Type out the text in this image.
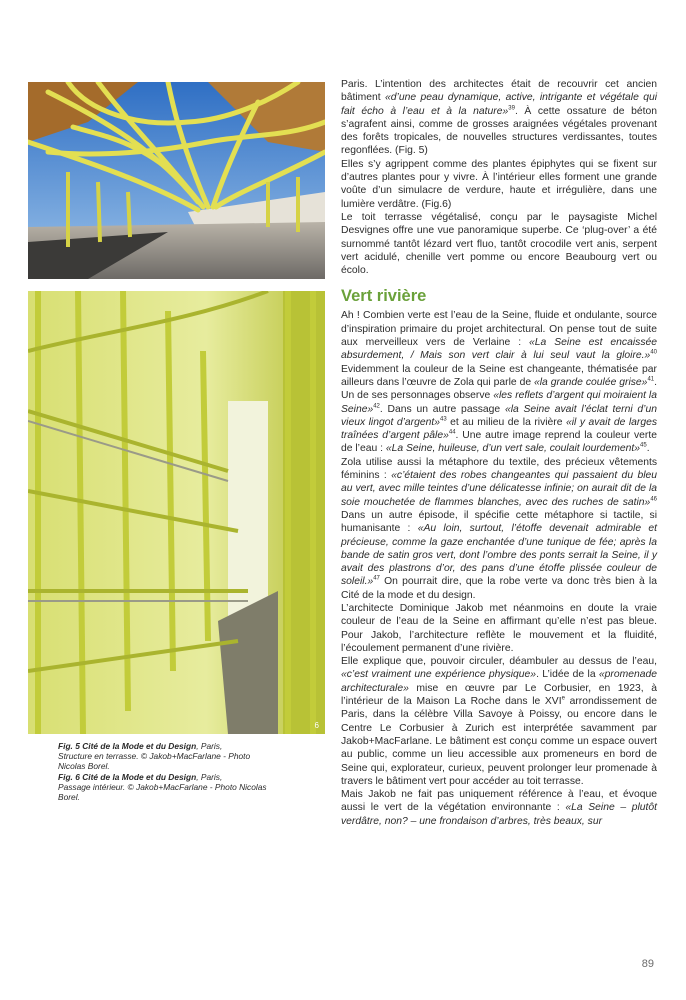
6

Fig. 5 Cité de la Mode et du Design, Paris,
Structure en terrasse. © Jakob+MacFarlane - Photo Nicolas Borel.

Fig. 6 Cité de la Mode et du Design, Paris,
Passage intérieur. © Jakob+MacFarlane - Photo Nicolas Borel.

Paris. L’intention des architectes était de recouvrir cet ancien bâtiment «d’une peau dynamique, active, intrigante et végétale qui fait écho à l’eau et à la nature»$^{39}$. À cette ossature de béton s’agrafent ainsi, comme de grosses araignées végétales provenant des forêts tropicales, de nouvelles structures verdissantes, toutes regonflées. (Fig. 5)

Elles s’y agrippent comme des plantes épiphytes qui se fixent sur d’autres plantes pour y vivre. À l’intérieur elles forment une grande voûte d’un simulacre de verdure, haute et irrégulière, dans une lumière verdâtre. (Fig.6)

Le toit terrasse végétalisé, conçu par le paysagiste Michel Desvignes offre une vue panoramique superbe. Ce ‘plug-over’ a été surnommé tantôt lézard vert fluo, tantôt crocodile vert anis, serpent vert acidulé, chenille vert pomme ou encore Beaubourg vert ou écolo.

Vert rivière

Ah ! Combien verte est l’eau de la Seine, fluide et ondulante, source d’inspiration primaire du projet architectural. On pense tout de suite aux merveilleux vers de Verlaine : «La Seine est encaissée absurdement, / Mais son vert clair à lui seul vaut la gloire.»$^{40}$ Evidemment la couleur de la Seine est changeante, thématisée par ailleurs dans l’œuvre de Zola qui parle de «la grande coulée grise»$^{41}$. Un de ses personnages observe «les reflets d’argent qui moiraient la Seine»$^{42}$. Dans un autre passage «la Seine avait l’éclat terni d’un vieux lingot d’argent»$^{43}$ et au milieu de la rivière «il y avait de larges traînées d’argent pâle»$^{44}$. Une autre image reprend la couleur verte de l’eau : «La Seine, huileuse, d’un vert sale, coulait lourdement»$^{45}$.

Zola utilise aussi la métaphore du textile, des précieux vêtements féminins : «c’étaient des robes changeantes qui passaient du bleu au vert, avec mille teintes d’une délicatesse infinie; on aurait dit de la soie mouchetée de flammes blanches, avec des ruches de satin»$^{46}$ Dans un autre épisode, il spécifie cette métaphore si tactile, si humanisante : «Au loin, surtout, l’étoffe devenait admirable et précieuse, comme la gaze enchantée d’une tunique de fée; après la bande de satin gros vert, dont l’ombre des ponts serrait la Seine, il y avait des plastrons d’or, des pans d’une étoffe plissée couleur de soleil.»$^{47}$ On pourrait dire, que la robe verte va donc très bien à la Cité de la mode et du design.

L’architecte Dominique Jakob met néanmoins en doute la vraie couleur de l’eau de la Seine en affirmant qu’elle n’est pas bleue. Pour Jakob, l’architecture reflète le mouvement et la fluidité, l’écoulement permanent d’une rivière.

Elle explique que, pouvoir circuler, déambuler au dessus de l’eau, «c’est vraiment une expérience physique». L’idée de la «promenade architecturale» mise en œuvre par Le Corbusier, en 1923, à l’intérieur de la Maison La Roche dans le XVIe arrondissement de Paris, dans la célèbre Villa Savoye à Poissy, ou encore dans le Centre Le Corbusier à Zurich est interprétée savamment par Jakob+MacFarlane. Le bâtiment est conçu comme un espace ouvert au public, comme un lieu accessible aux promeneurs en bord de Seine qui, explorateur, curieux, peuvent prolonger leur promenade à travers le bâtiment vert pour accéder au toit terrasse.

Mais Jakob ne fait pas uniquement référence à l’eau, et évoque aussi le vert de la végétation environnante : «La Seine – plutôt verdâtre, non? – une frondaison d’arbres, très beaux, sur

89
